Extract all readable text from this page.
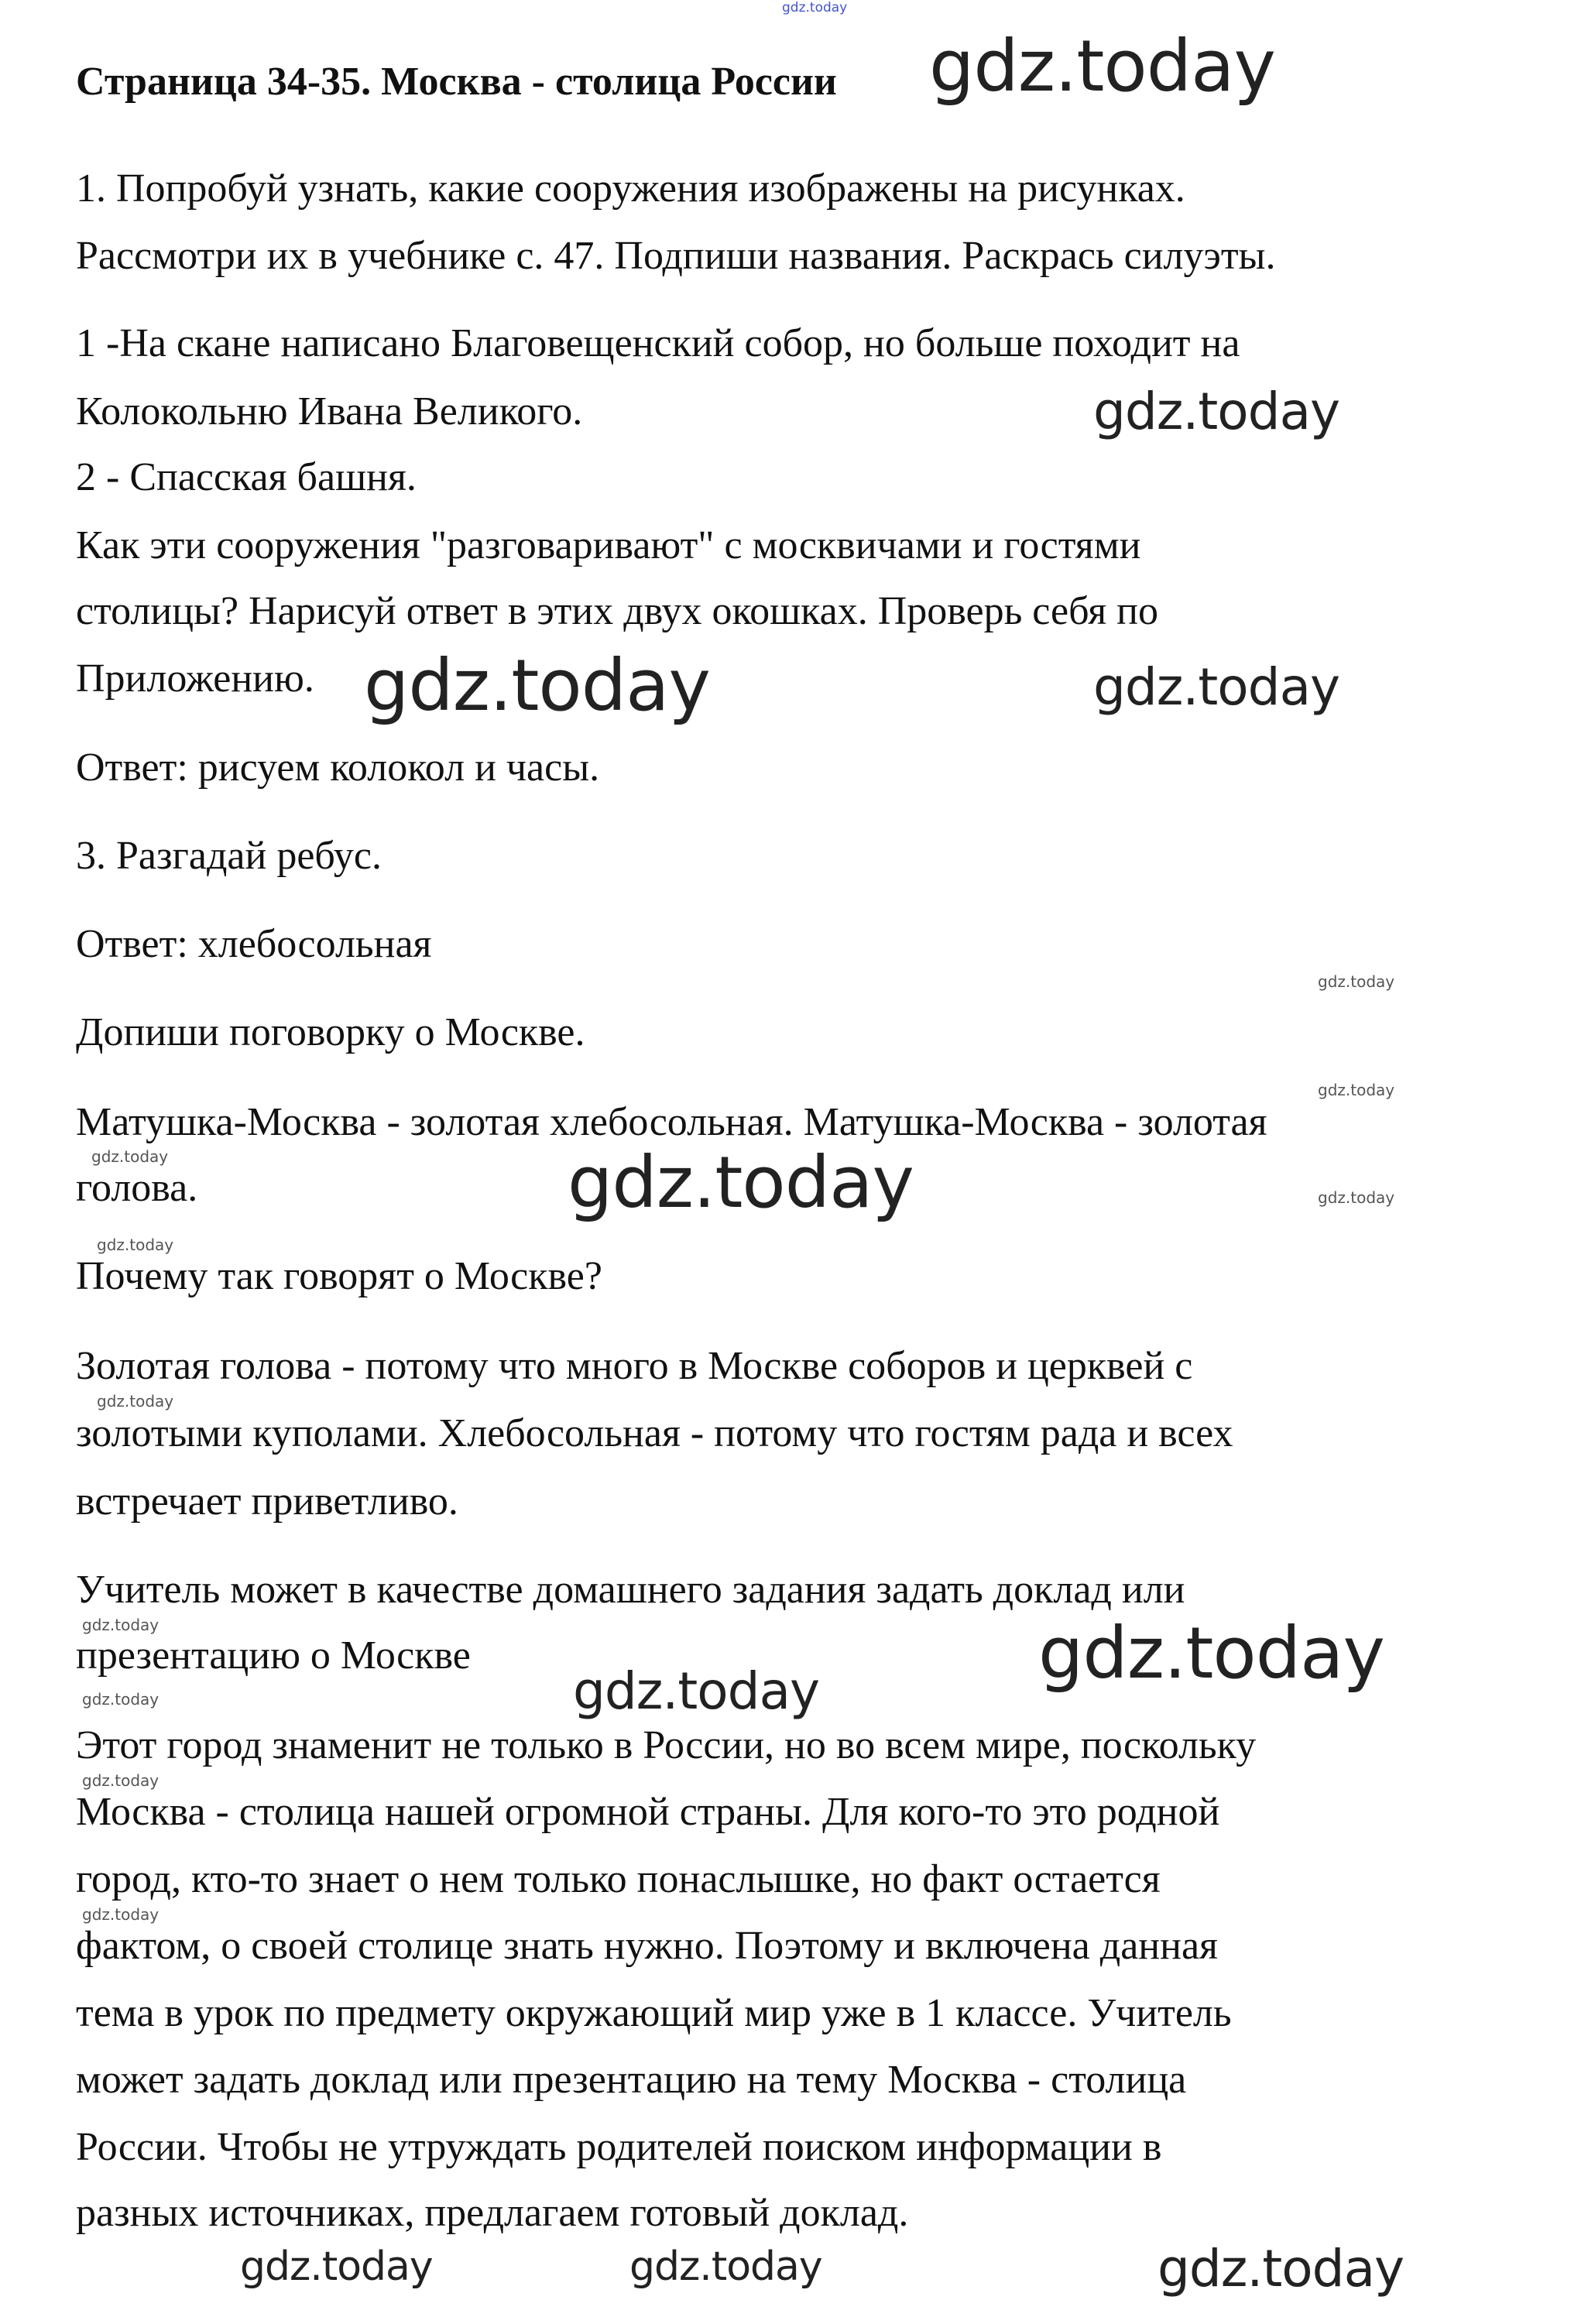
gdz.today
Страница 34-35. Москва - столица России
1. Попробуй узнать, какие сооружения изображены на рисунках.
Рассмотри их в учебнике с. 47. Подпиши названия. Раскрась силуэты.
1 -На скане написано Благовещенский собор, но больше походит на
Колокольню Ивана Великого.
2 - Спасская башня.
Как эти сооружения "разговаривают" с москвичами и гостями
столицы? Нарисуй ответ в этих двух окошках. Проверь себя по
Приложению.
Ответ: рисуем колокол и часы.
3. Разгадай ребус.
Ответ: хлебосольная
Допиши поговорку о Москве.
Матушка-Москва - золотая хлебосольная. Матушка-Москва - золотая
голова.
Почему так говорят о Москве?
Золотая голова - потому что много в Москве соборов и церквей с
золотыми куполами. Хлебосольная - потому что гостям рада и всех
встречает приветливо.
Учитель может в качестве домашнего задания задать доклад или
презентацию о Москве
Этот город знаменит не только в России, но во всем мире, поскольку
Москва - столица нашей огромной страны. Для кого-то это родной
город, кто-то знает о нем только понаслышке, но факт остается
фактом, о своей столице знать нужно. Поэтому и включена данная
тема в урок по предмету окружающий мир уже в 1 классе. Учитель
может задать доклад или презентацию на тему Москва - столица
России. Чтобы не утруждать родителей поиском информации в
разных источниках, предлагаем готовый доклад.
gdz.today
gdz.today
gdz.today	gdz.today
gdz.today
gdz.today
gdz.today
gdz.today
gdz.today	gdz.today
gdz.today
gdz.today
gdz.today
gdz.today
gdz.today
gdz.today
gdz.today
gdz.today
gdz.today
gdz.today
